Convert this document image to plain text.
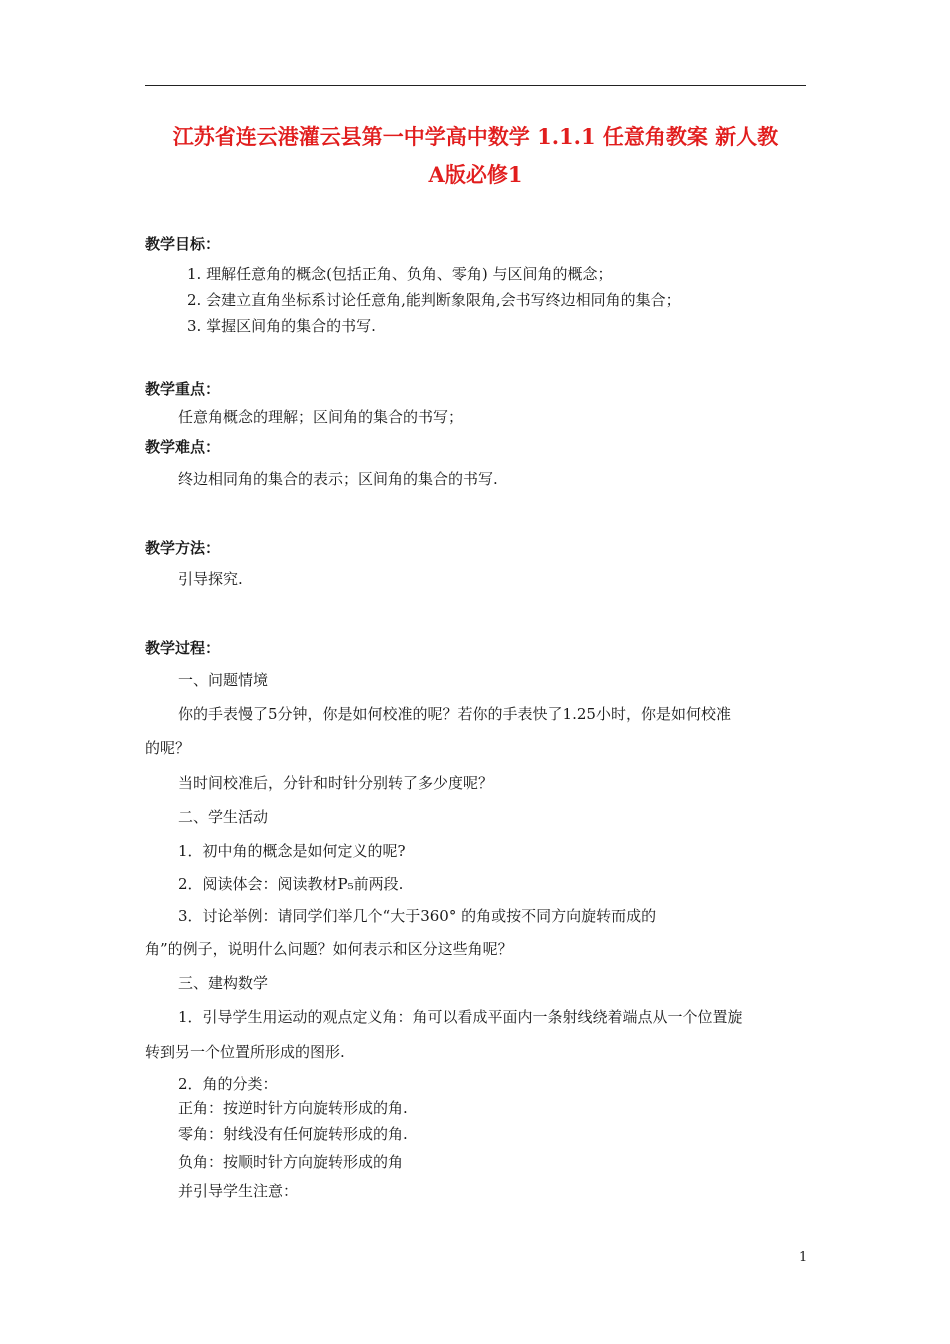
江苏省连云港灌云县第一中学高中数学 1.1.1 任意角教案 新人教
A版必修1
教学目标：
1. 理解任意角的概念(包括正角、负角、零角) 与区间角的概念；
2. 会建立直角坐标系讨论任意角,能判断象限角,会书写终边相同角的集合；
3. 掌握区间角的集合的书写.
教学重点：
任意角概念的理解；区间角的集合的书写；
教学难点：
终边相同角的集合的表示；区间角的集合的书写.
教学方法：
引导探究.
教学过程：
一、问题情境
你的手表慢了5分钟，你是如何校准的呢？若你的手表快了1.25小时，你是如何校准
的呢？
当时间校准后，分针和时针分别转了多少度呢？
二、学生活动
1．初中角的概念是如何定义的呢?
2．阅读体会：阅读教材P₅前两段.
3．讨论举例：请同学们举几个“大于360° 的角或按不同方向旋转而成的
角”的例子，说明什么问题？如何表示和区分这些角呢？
三、建构数学
1．引导学生用运动的观点定义角：角可以看成平面内一条射线绕着端点从一个位置旋
转到另一个位置所形成的图形.
2．角的分类：
正角：按逆时针方向旋转形成的角.
零角：射线没有任何旋转形成的角.
负角：按顺时针方向旋转形成的角
并引导学生注意：
1
